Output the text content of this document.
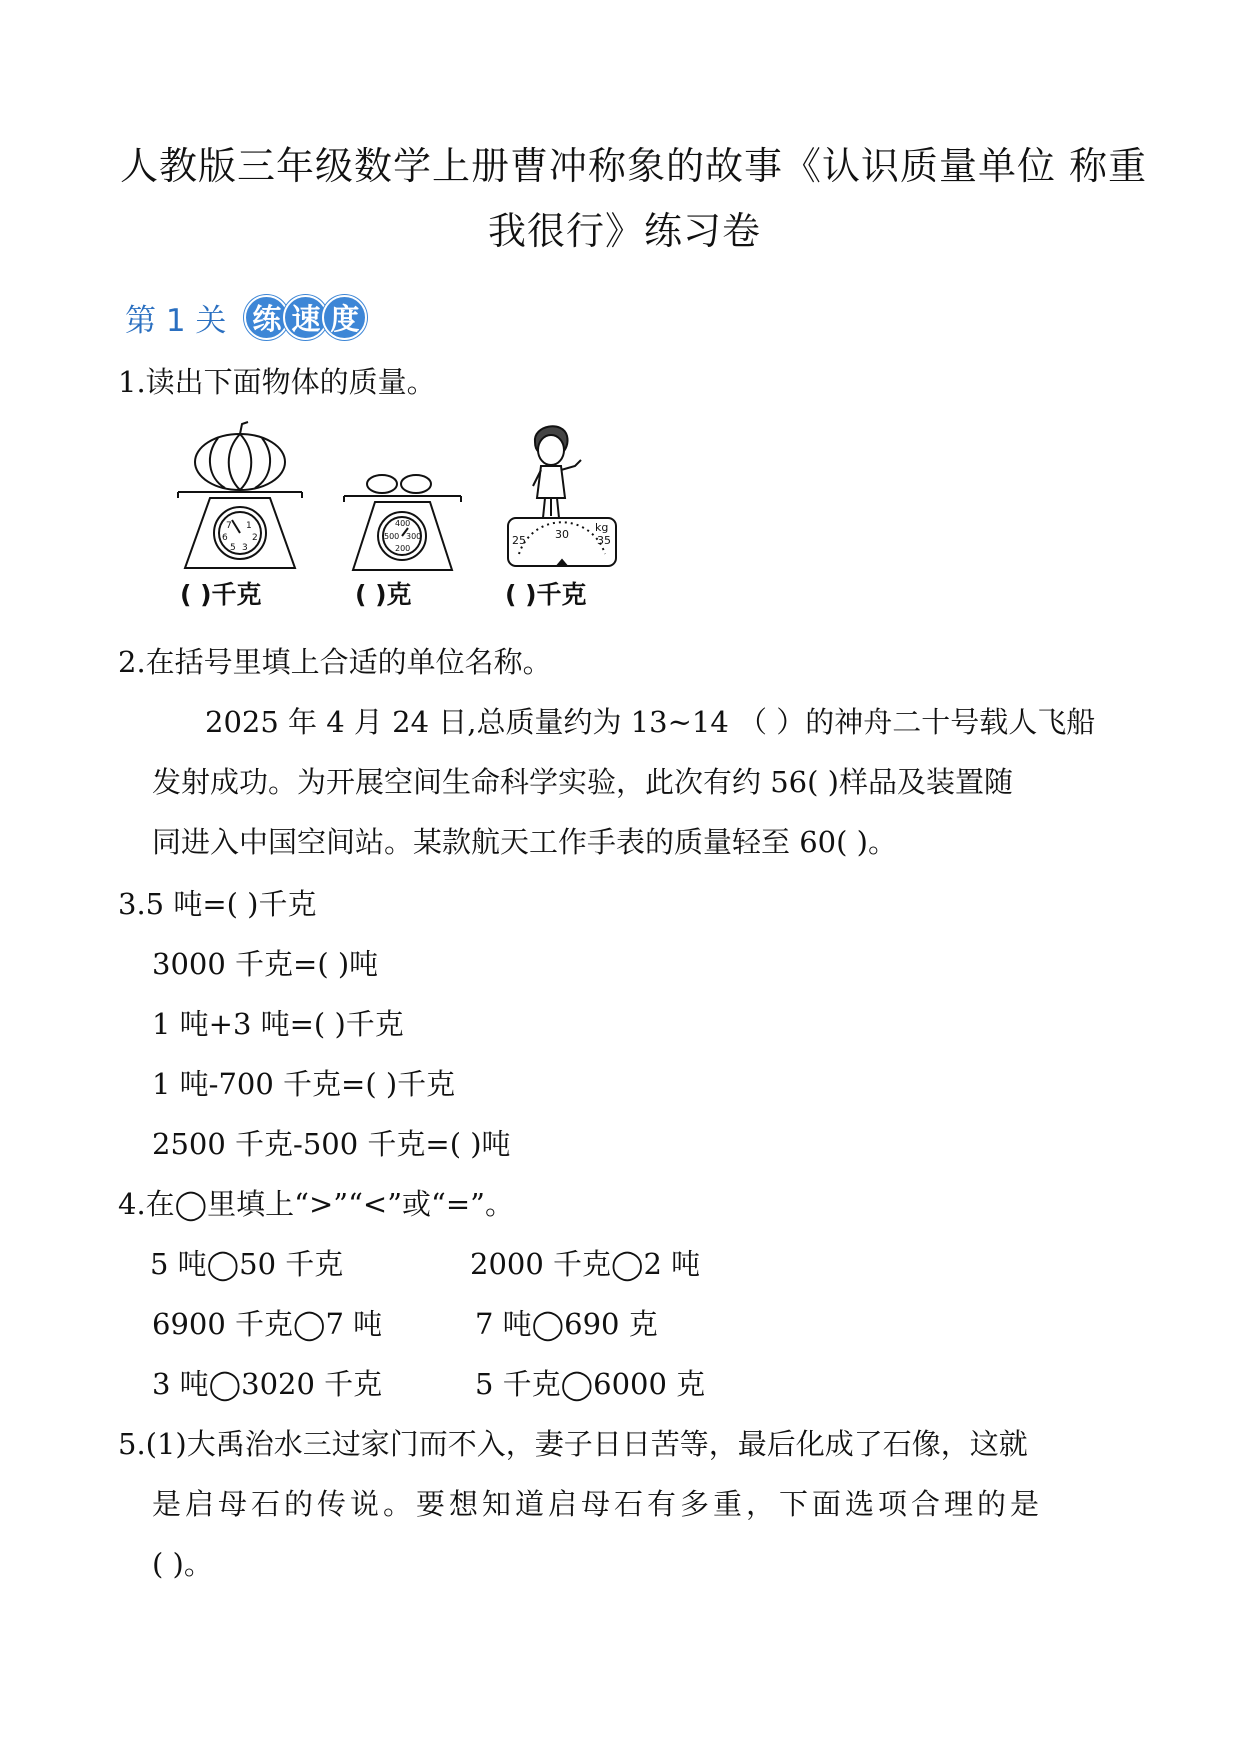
人教版三年级数学上册曹冲称象的故事《认识质量单位 称重
我很行》练习卷
第 1 关 练 速 度
1.读出下面物体的质量。
7 1
6	2
5 3
( )千克
400
500 300
200
( )克
25	30	35
kg
( )千克
2.在括号里填上合适的单位名称。
2025 年 4 月 24 日,总质量约为 13~14 （ ）的神舟二十号载人飞船
发射成功。为开展空间生命科学实验，此次有约 56( )样品及装置随
同进入中国空间站。某款航天工作手表的质量轻至 60( )。
3.5 吨=( )千克
3000 千克=( )吨
1 吨+3 吨=( )千克
1 吨-700 千克=( )千克
2500 千克-500 千克=( )吨
4.在◯里填上“>”“<”或“=”。
5 吨◯50 千克	2000 千克◯2 吨
6900 千克◯7 吨	7 吨◯690 克
3 吨◯3020 千克	5 千克◯6000 克
5.(1)大禹治水三过家门而不入，妻子日日苦等，最后化成了石像，这就
是启母石的传说。要想知道启母石有多重，下面选项合理的是
( )。
